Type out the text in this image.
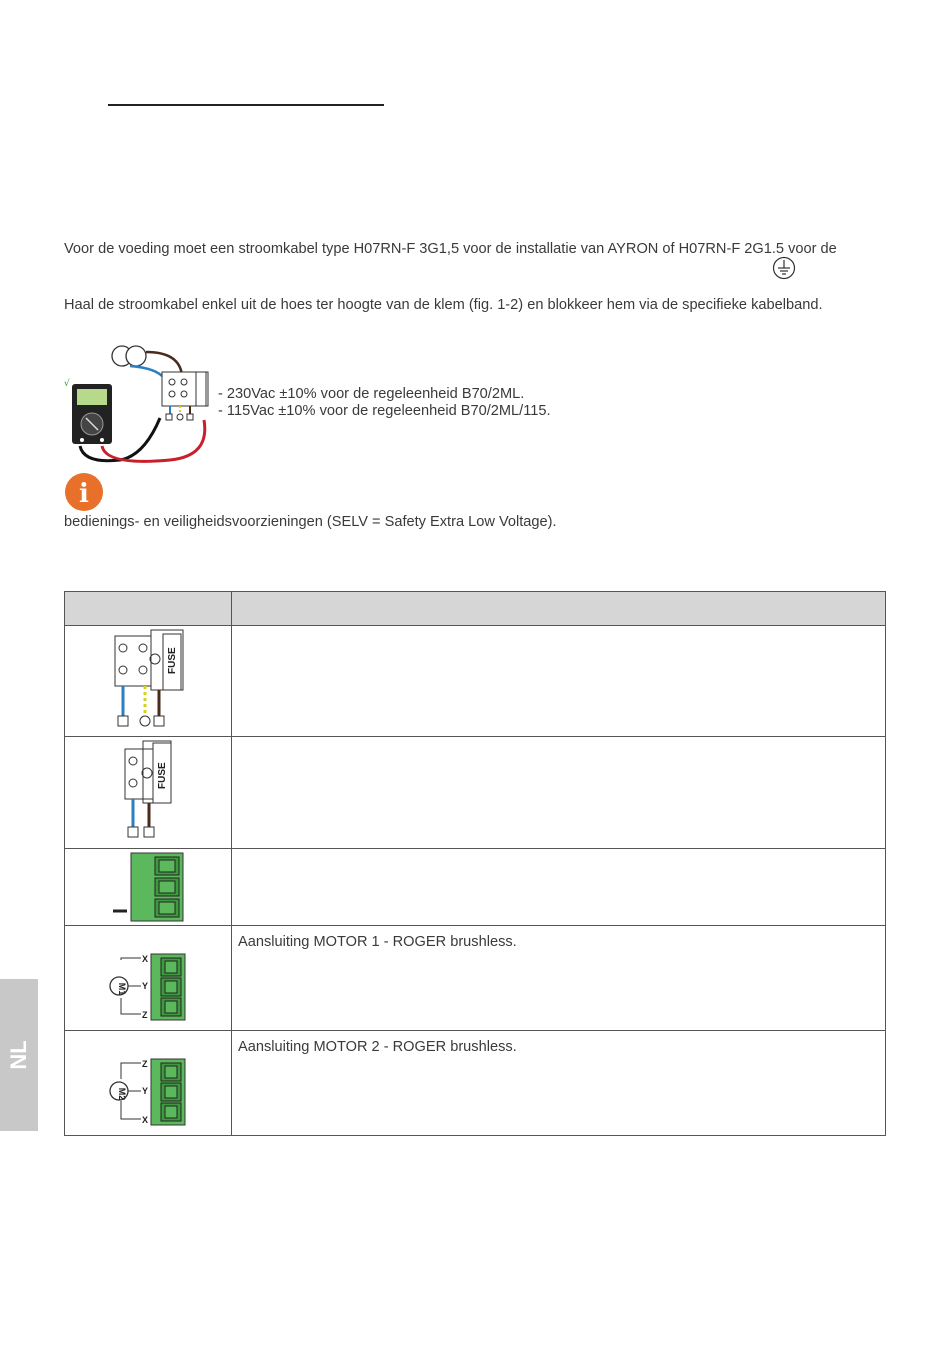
Voor de voeding moet een stroomkabel type H07RN-F 3G1,5 voor de installatie van AYRON of H07RN-F 2G1.5 voor de
Haal de stroomkabel enkel uit de hoes ter hoogte van de klem (fig. 1-2) en blokkeer hem via de specifieke kabelband.
√
- 230Vac ±10% voor de regeleenheid B70/2ML.
- 115Vac ±10% voor de regeleenheid B70/2ML/115.
i
bedienings- en veiligheidsvoorzieningen (SELV = Safety Extra Low Voltage).

FUSE	

FUSE	

M1
X
Y
Z	Aansluiting MOTOR 1 - ROGER brushless.

M2
Z
Y
X	Aansluiting MOTOR 2 - ROGER brushless.
NL
